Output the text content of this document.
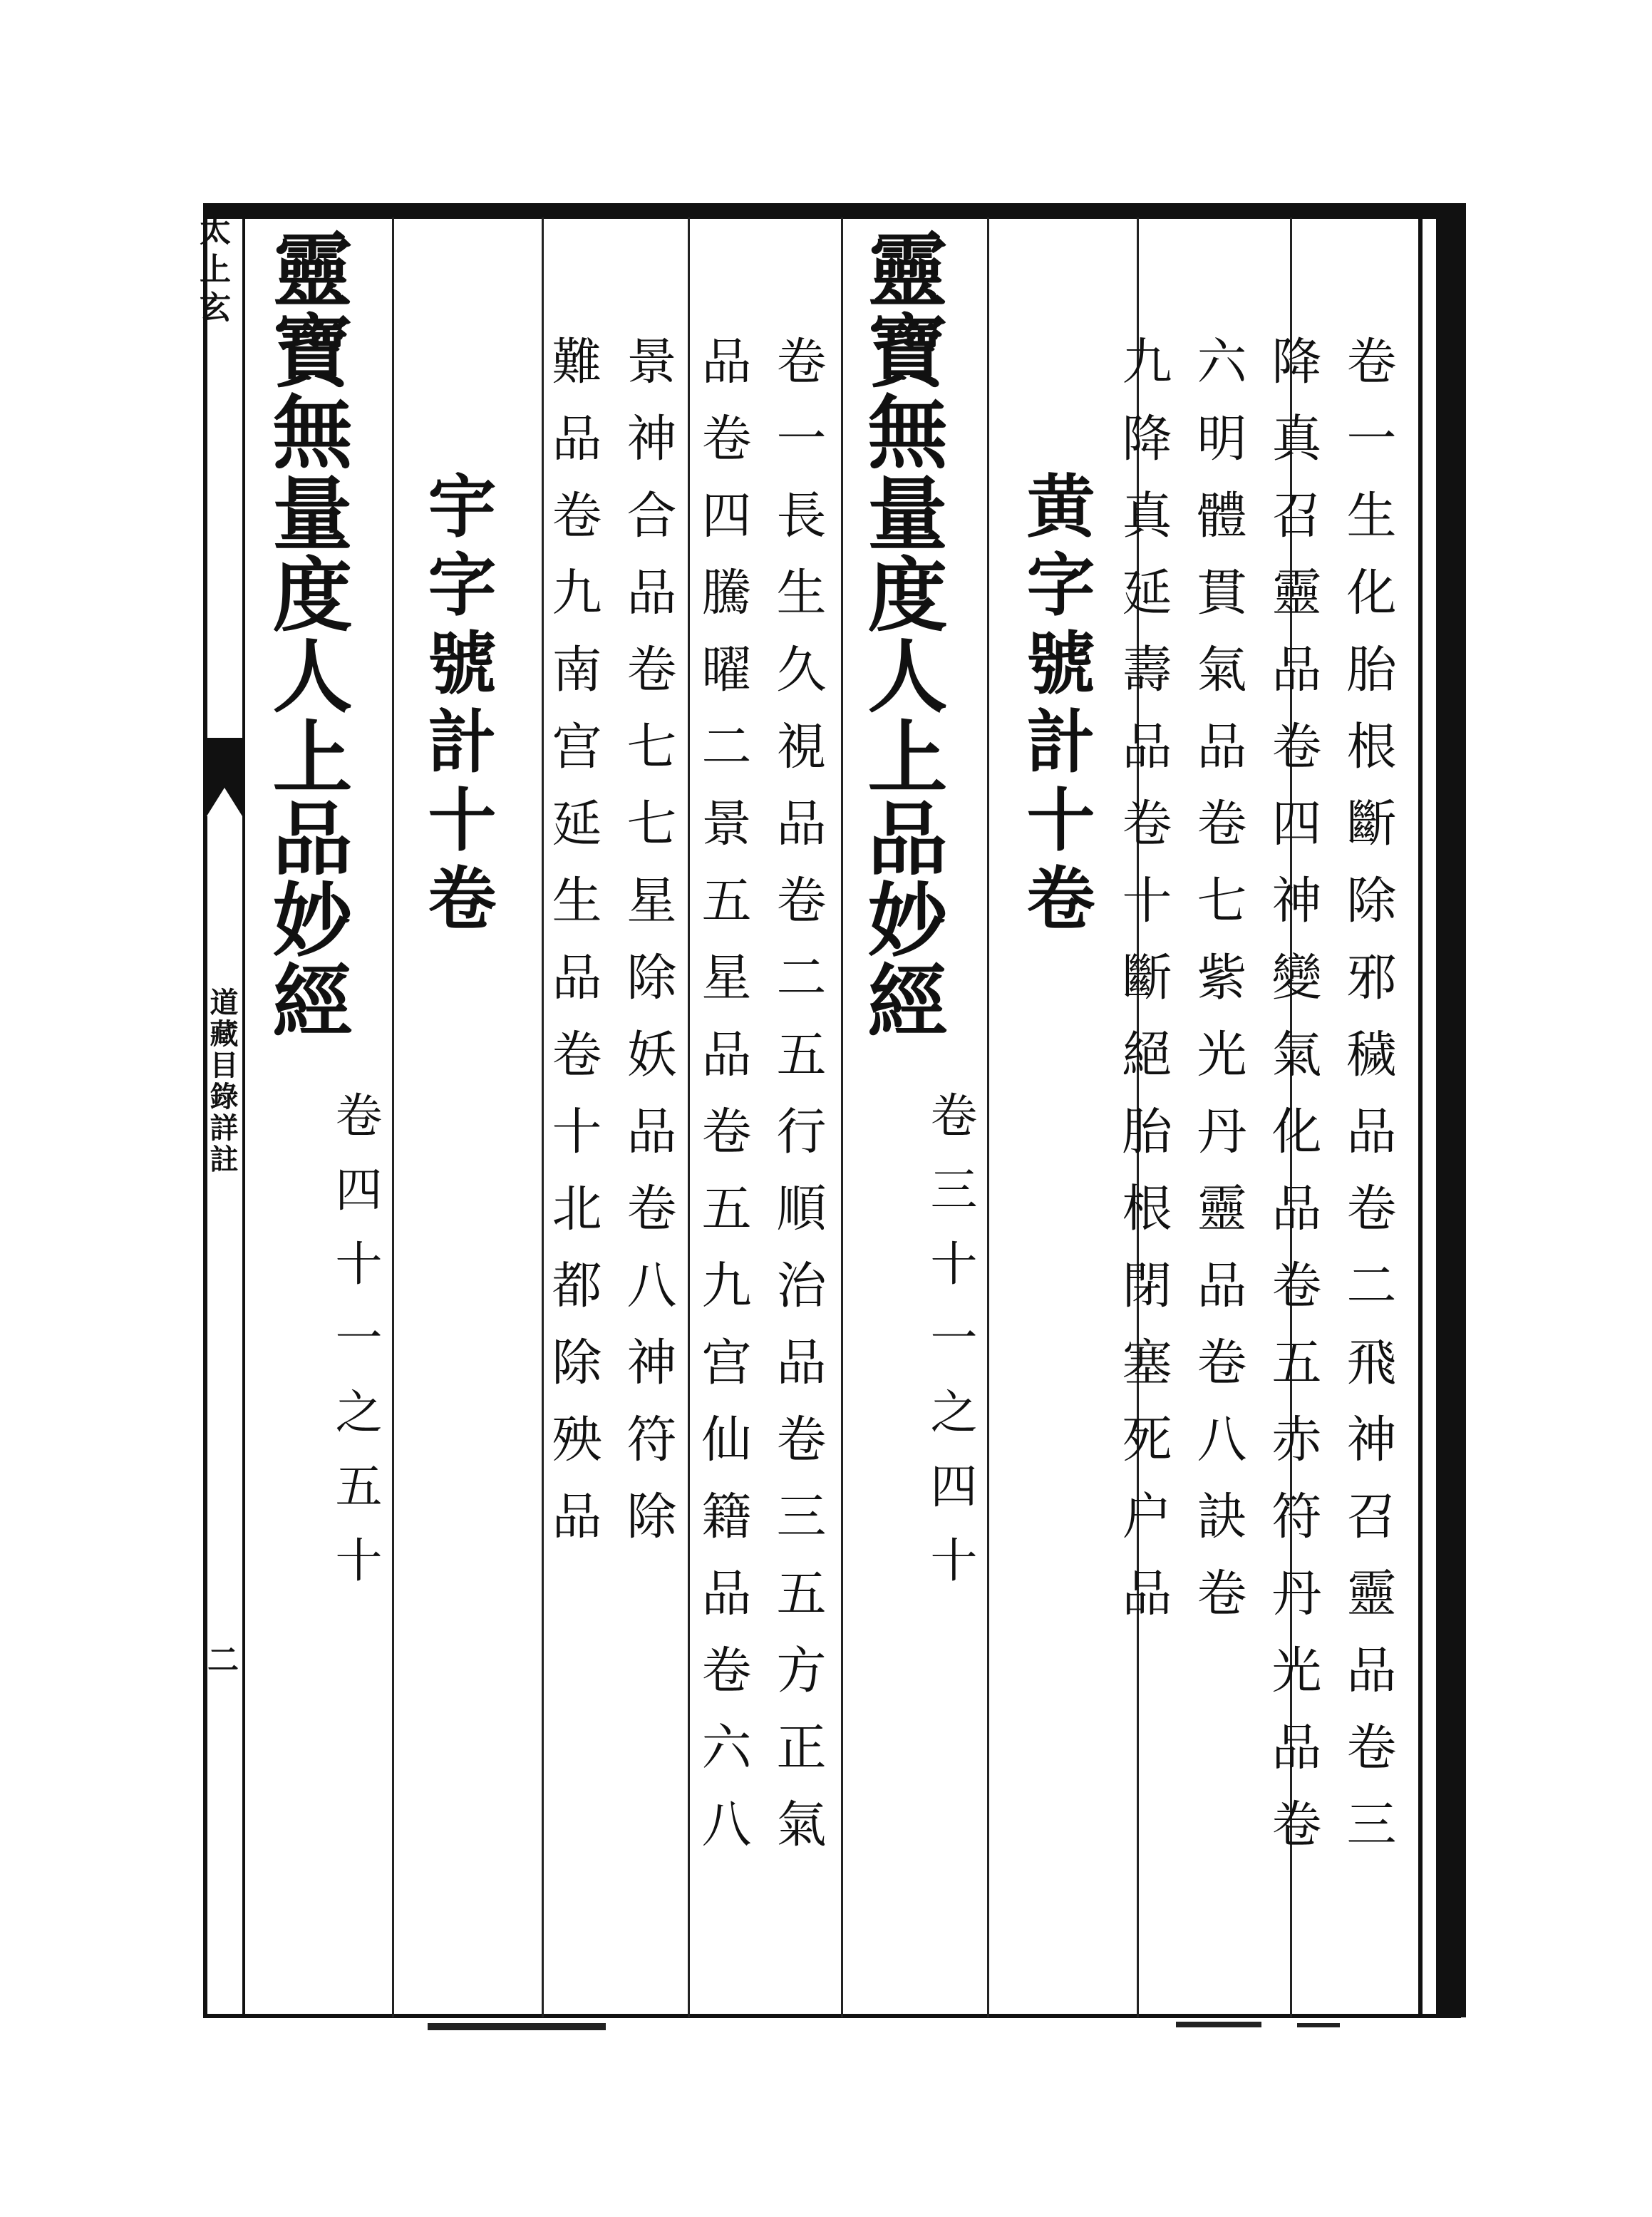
太上玄
道藏目錄詳註
二	卷一生化胎根斷除邪穢品卷二飛神召靈品卷三
降真召靈品卷四神變氣化品卷五赤符丹光品卷
六明體貫氣品卷七紫光丹靈品卷八訣卷
九降真延壽品卷十斷絕胎根閉塞死户品
黄字號計十卷
靈寶無量度人上品妙經
卷三十一之四十
卷一長生久視品卷二五行順治品卷三五方正氣
品卷四騰曜二景五星品卷五九宫仙籍品卷六八
景神合品卷七七星除妖品卷八神符除
難品卷九南宫延生品卷十北都除殃品
宇字號計十卷
靈寶無量度人上品妙經
卷四十一之五十
